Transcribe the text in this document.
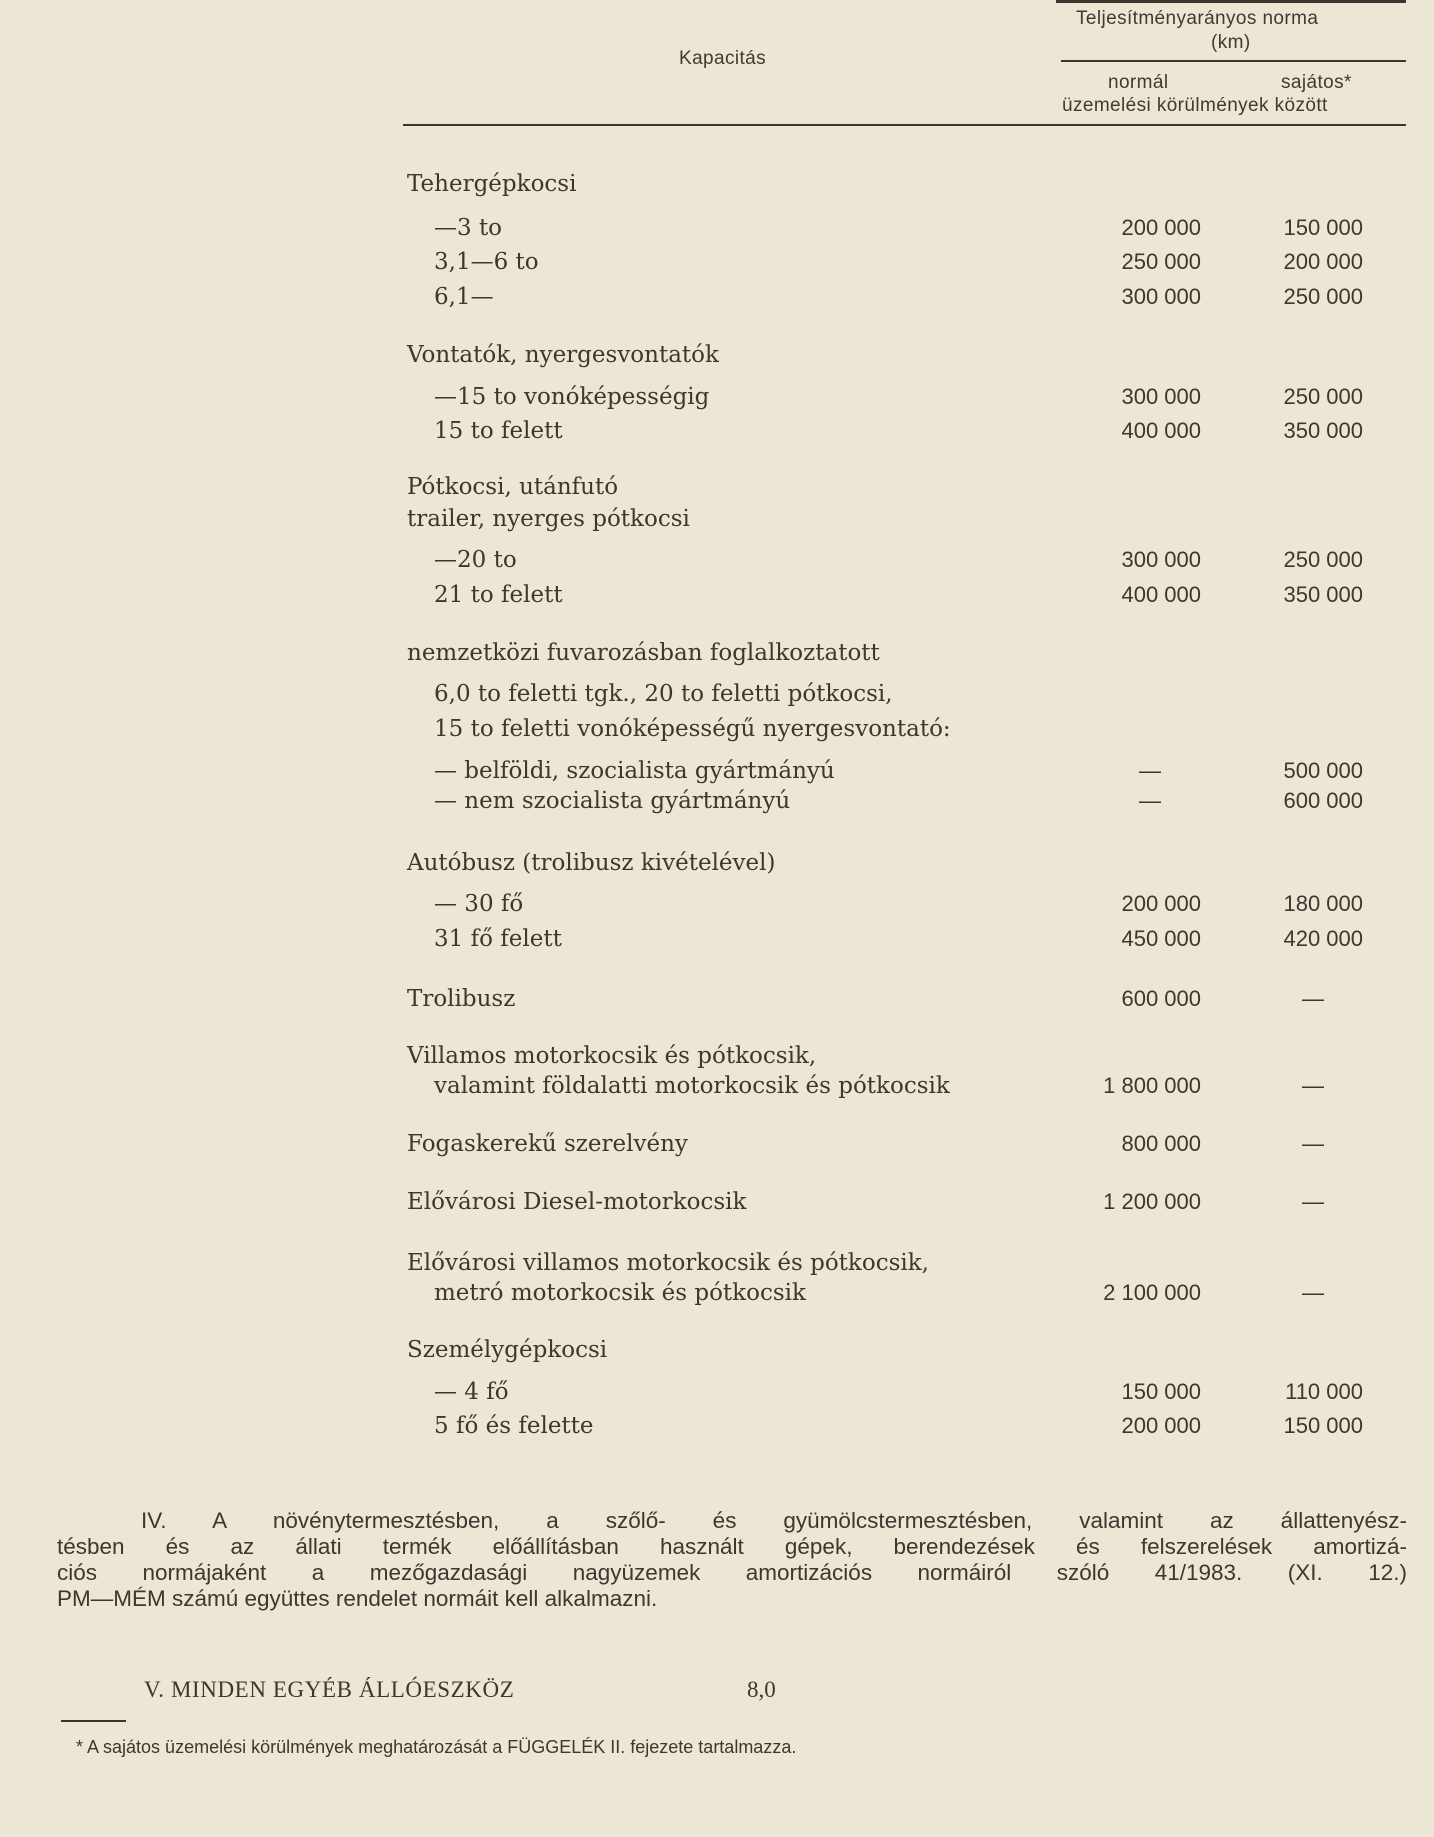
Teljesítményarányos norma
(km)
Kapacitás
normál	sajátos*
üzemelési körülmények között
Tehergépkocsi
—3 to	200 000	150 000
3,1—6 to	250 000	200 000
6,1—	300 000	250 000
Vontatók, nyergesvontatók
—15 to vonóképességig	300 000	250 000
15 to felett	400 000	350 000
Pótkocsi, utánfutó
trailer, nyerges pótkocsi
—20 to	300 000	250 000
21 to felett	400 000	350 000
nemzetközi fuvarozásban foglalkoztatott
6,0 to feletti tgk., 20 to feletti pótkocsi,
15 to feletti vonóképességű nyergesvontató:
— belföldi, szocialista gyártmányú	—	500 000
— nem szocialista gyártmányú	—	600 000
Autóbusz (trolibusz kivételével)
— 30 fő	200 000	180 000
31 fő felett	450 000	420 000
Trolibusz	600 000	—
Villamos motorkocsik és pótkocsik,
valamint földalatti motorkocsik és pótkocsik	1 800 000	—
Fogaskerekű szerelvény	800 000	—
Elővárosi Diesel-motorkocsik	1 200 000	—
Elővárosi villamos motorkocsik és pótkocsik,
metró motorkocsik és pótkocsik	2 100 000	—
Személygépkocsi
— 4 fő	150 000	110 000
5 fő és felette	200 000	150 000
IV. A növénytermesztésben, a szőlő- és gyümölcstermesztésben, valamint az állattenyész-
tésben és az állati termék előállításban használt gépek, berendezések és felszerelések amortizá-
ciós normájaként a mezőgazdasági nagyüzemek amortizációs normáiról szóló 41/1983. (XI. 12.)
PM—MÉM számú együttes rendelet normáit kell alkalmazni.
V. MINDEN EGYÉB ÁLLÓESZKÖZ	8,0
* A sajátos üzemelési körülmények meghatározását a FÜGGELÉK II. fejezete tartalmazza.
